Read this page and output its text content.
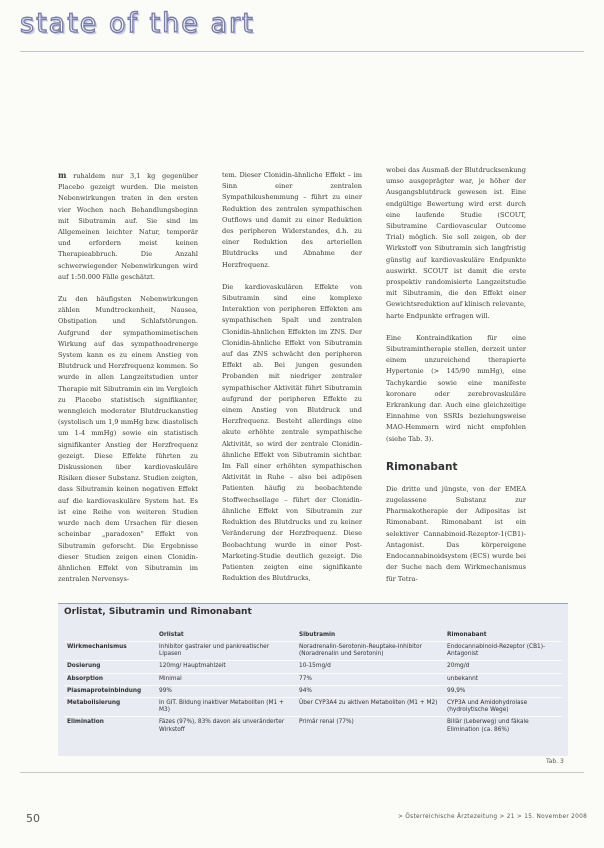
state of the art

m ruhaldem nur 3,1 kg gegenüber Placebo gezeigt wurden. Die meisten Nebenwirkungen traten in den ersten vier Wochen nach Behandlungsbeginn mit Sibutramin auf. Sie sind im Allgemeinen leichter Natur, temporär und erfordern meist keinen Therapieabbruch. Die Anzahl schwerwiegender Nebenwirkungen wird auf 1:50.000 Fälle geschätzt.

Zu den häufigsten Nebenwirkungen zählen Mundtrockenheit, Nausea, Obstipation und Schlafstörungen. Aufgrund der sympathomimetischen Wirkung auf das sympathoadrenerge System kann es zu einem Anstieg von Blutdruck und Herzfrequenz kommen. So wurde in allen Langzeitstudien unter Therapie mit Sibutramin ein im Vergleich zu Placebo statistisch signifikanter, wenngleich moderater Blutdruckanstieg (systolisch um 1,9 mmHg bzw. diastolisch um 1-4 mmHg) sowie ein statistisch signifikanter Anstieg der Herzfrequenz gezeigt. Diese Effekte führten zu Diskussionen über kardiovaskuläre Risiken dieser Substanz. Studien zeigten, dass Sibutramin keinen negativen Effekt auf die kardiovaskuläre System hat. Es ist eine Reihe von weiteren Studien wurde nach dem Ursachen für diesen scheinbar „paradoxen" Effekt von Sibutramin geforscht. Die Ergebnisse dieser Studien zeigen einen Clonidin-ähnlichen Effekt von Sibutramin im zentralen Nervensys-

tem. Dieser Clonidin-ähnliche Effekt – im Sinn einer zentralen Sympathikushemmung – führt zu einer Reduktion des zentralen sympathischen Outflows und damit zu einer Reduktion des peripheren Widerstandes, d.h. zu einer Reduktion des arteriellen Blutdrucks und Abnahme der Herzfrequenz.

Die kardiovaskulären Effekte von Sibutramin sind eine komplexe Interaktion von peripheren Effekten am sympathischen Spalt und zentralen Clonidin-ähnlichen Effekten im ZNS. Der Clonidin-ähnliche Effekt von Sibutramin auf das ZNS schwächt den peripheren Effekt ab. Bei jungen gesunden Probanden mit niedriger zentraler sympathischer Aktivität führt Sibutramin aufgrund der peripheren Effekte zu einem Anstieg von Blutdruck und Herzfrequenz. Besteht allerdings eine akute erhöhte zentrale sympathische Aktivität, so wird der zentrale Clonidin-ähnliche Effekt von Sibutramin sichtbar. Im Fall einer erhöhten sympathischen Aktivität in Ruhe – also bei adipösen Patienten häufig zu beobachtende Stoffwechsellage – führt der Clonidin-ähnliche Effekt von Sibutramin zur Reduktion des Blutdrucks und zu keiner Veränderung der Herzfrequenz. Diese Beobachtung wurde in einer Post-Marketing-Studie deutlich gezeigt. Die Patienten zeigten eine signifikante Reduktion des Blutdrucks,

wobei das Ausmaß der Blutdrucksenkung umso ausgeprägter war, je höher der Ausgangsblutdruck gewesen ist. Eine endgültige Bewertung wird erst durch eine laufende Studie (SCOUT, Sibutramine Cardiovascular Outcome Trial) möglich. Sie soll zeigen, ob der Wirkstoff von Sibutramin sich langfristig günstig auf kardiovaskuläre Endpunkte auswirkt. SCOUT ist damit die erste prospektiv randomisierte Langzeitstudie mit Sibutramin, die den Effekt einer Gewichtsreduktion auf klinisch relevante, harte Endpunkte erfragen will.

Eine Kontraindikation für eine Sibutramintherapie stellen, derzeit unter einem unzureichend therapierte Hypertonie (> 145/90 mmHg), eine Tachykardie sowie eine manifeste koronare oder zerebrovaskuläre Erkrankung dar. Auch eine gleichzeitige Einnahme von SSRIs beziehungsweise MAO-Hemmern wird nicht empfohlen (siehe Tab. 3).

Rimonabant

Die dritte und jüngste, von der EMEA zugelassene Substanz zur Pharmakotherapie der Adipositas ist Rimonabant. Rimonabant ist ein selektiver Cannabinoid-Rezeptor-1(CB1)-Antagonist. Das körpereigene Endocannabinoidsystem (ECS) wurde bei der Suche nach dem Wirkmechanismus für Tetra-

Orlistat, Sibutramin und Rimonabant
	Orlistat	Sibutramin	Rimonabant
Wirkmechanismus	Inhibitor gastraler und pankreatischer Lipasen	Noradrenalin-Serotonin-Reuptake-Inhibitor (Noradrenalin und Serotonin)	Endocannabinoid-Rezeptor (CB1)-Antagonist
Dosierung	120mg/ Hauptmahlzeit	10-15mg/d	20mg/d
Absorption	Minimal	77%	unbekannt
Plasmaproteinbindung	99%	94%	99,9%
Metabolisierung	In GIT. Bildung inaktiver Metaboliten (M1 + M3)	Über CYP3A4 zu aktiven Metaboliten (M1 + M2)	CYP3A und Amidohydrolase (hydrolytische Wege)
Elimination	Fäzes (97%), 83% davon als unveränderter Wirkstoff	Primär renal (77%)	Biliär (Leberweg) und fäkale Elimination (ca. 86%)
Tab. 3
50	> Österreichische Ärztezeitung > 21 > 15. November 2008
